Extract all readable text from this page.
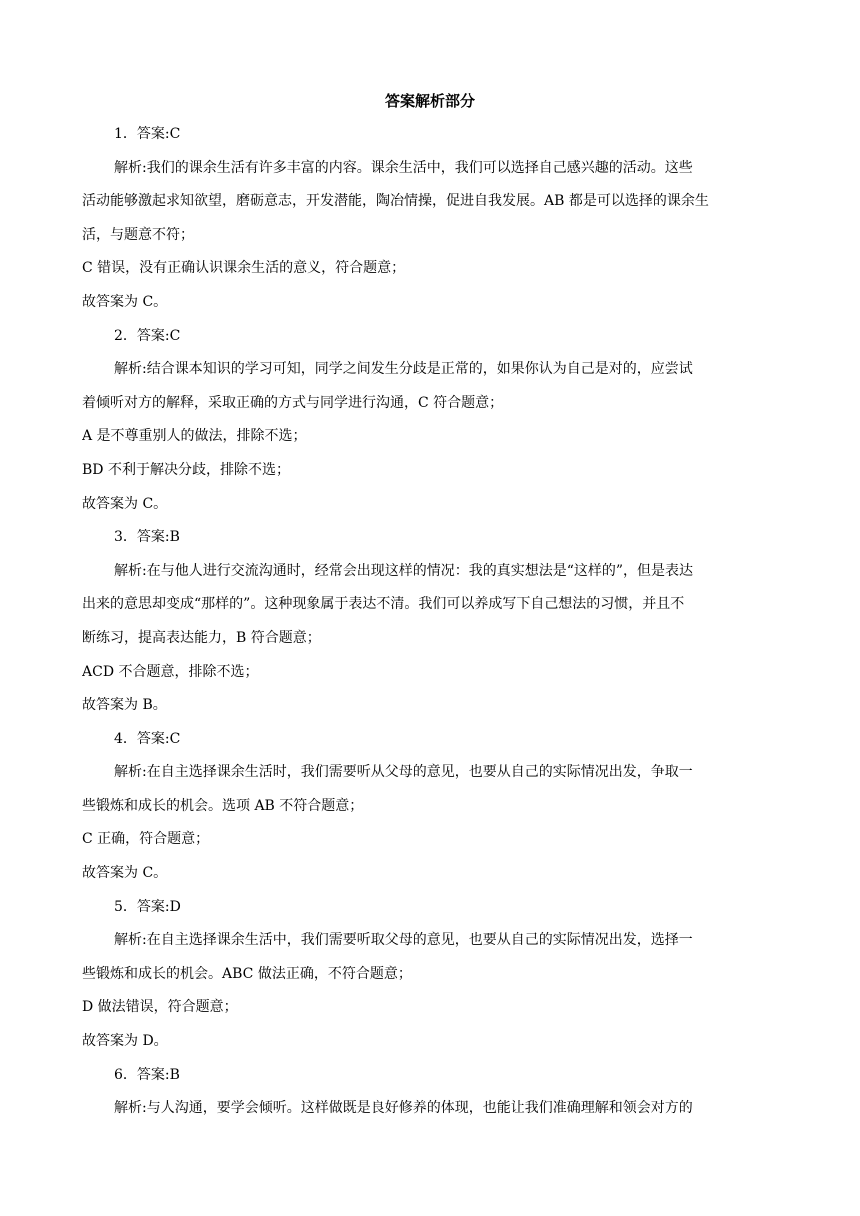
答案解析部分
1．答案:C
解析:我们的课余生活有许多丰富的内容。课余生活中，我们可以选择自己感兴趣的活动。这些
活动能够激起求知欲望，磨砺意志，开发潜能，陶冶情操，促进自我发展。AB 都是可以选择的课余生
活，与题意不符；
C 错误，没有正确认识课余生活的意义，符合题意；
故答案为 C。
2．答案:C
解析:结合课本知识的学习可知，同学之间发生分歧是正常的，如果你认为自己是对的，应尝试
着倾听对方的解释，采取正确的方式与同学进行沟通，C 符合题意；
A 是不尊重别人的做法，排除不选；
BD 不利于解决分歧，排除不选；
故答案为 C。
3．答案:B
解析:在与他人进行交流沟通时，经常会出现这样的情况：我的真实想法是“这样的”，但是表达
出来的意思却变成“那样的”。这种现象属于表达不清。我们可以养成写下自己想法的习惯，并且不
断练习，提高表达能力，B 符合题意；
ACD 不合题意，排除不选；
故答案为 B。
4．答案:C
解析:在自主选择课余生活时，我们需要听从父母的意见，也要从自己的实际情况出发，争取一
些锻炼和成长的机会。选项 AB 不符合题意；
C 正确，符合题意；
故答案为 C。
5．答案:D
解析:在自主选择课余生活中，我们需要听取父母的意见，也要从自己的实际情况出发，选择一
些锻炼和成长的机会。ABC 做法正确，不符合题意；
D 做法错误，符合题意；
故答案为 D。
6．答案:B
解析:与人沟通，要学会倾听。这样做既是良好修养的体现，也能让我们准确理解和领会对方的
